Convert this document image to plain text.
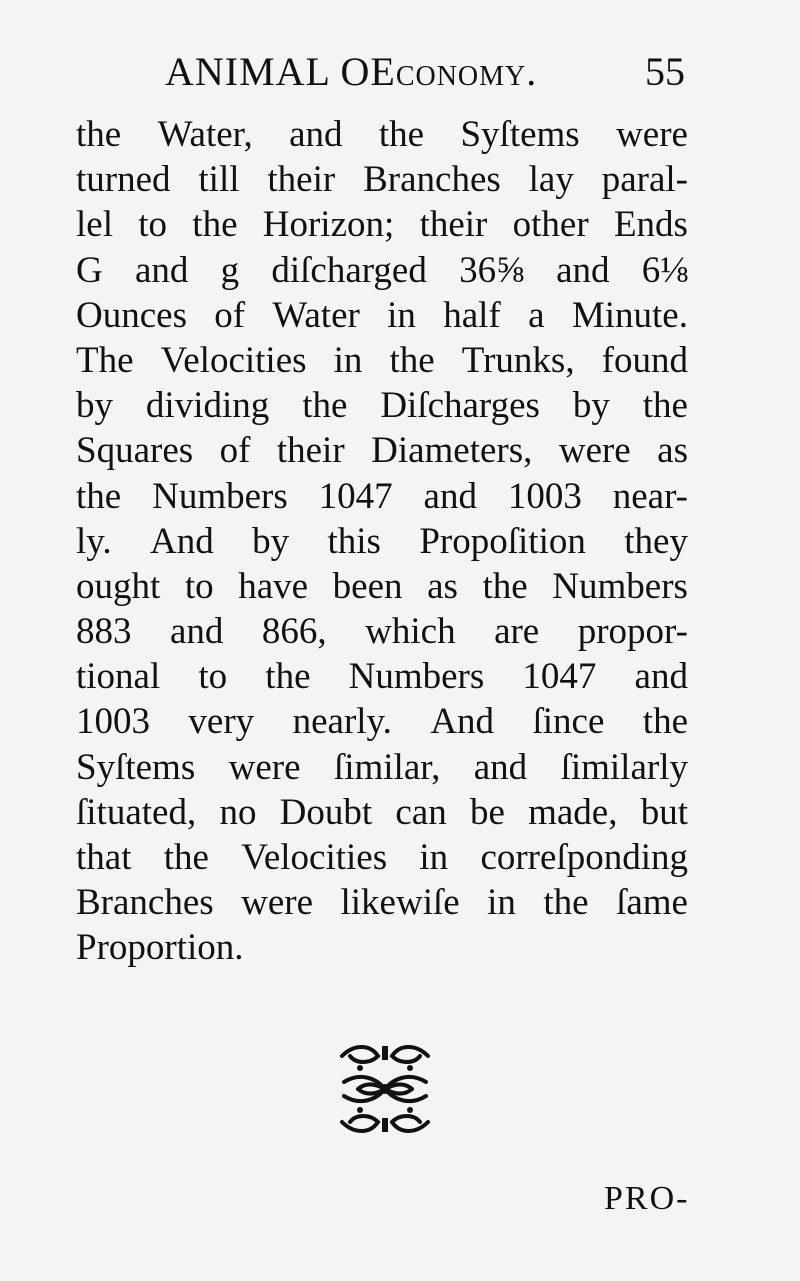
ANIMAL OEconomy.	55
the Water, and the Syſtems were
turned till their Branches lay paral-
lel to the Horizon; their other Ends
G and g diſcharged 36⅝ and 6⅛
Ounces of Water in half a Minute.
The Velocities in the Trunks, found
by dividing the Diſcharges by the
Squares of their Diameters, were as
the Numbers 1047 and 1003 near-
ly. And by this Propoſition they
ought to have been as the Numbers
883 and 866, which are propor-
tional to the Numbers 1047 and
1003 very nearly. And ſince the
Syſtems were ſimilar, and ſimilarly
ſituated, no Doubt can be made, but
that the Velocities in correſponding
Branches were likewiſe in the ſame
Proportion.
PRO-
